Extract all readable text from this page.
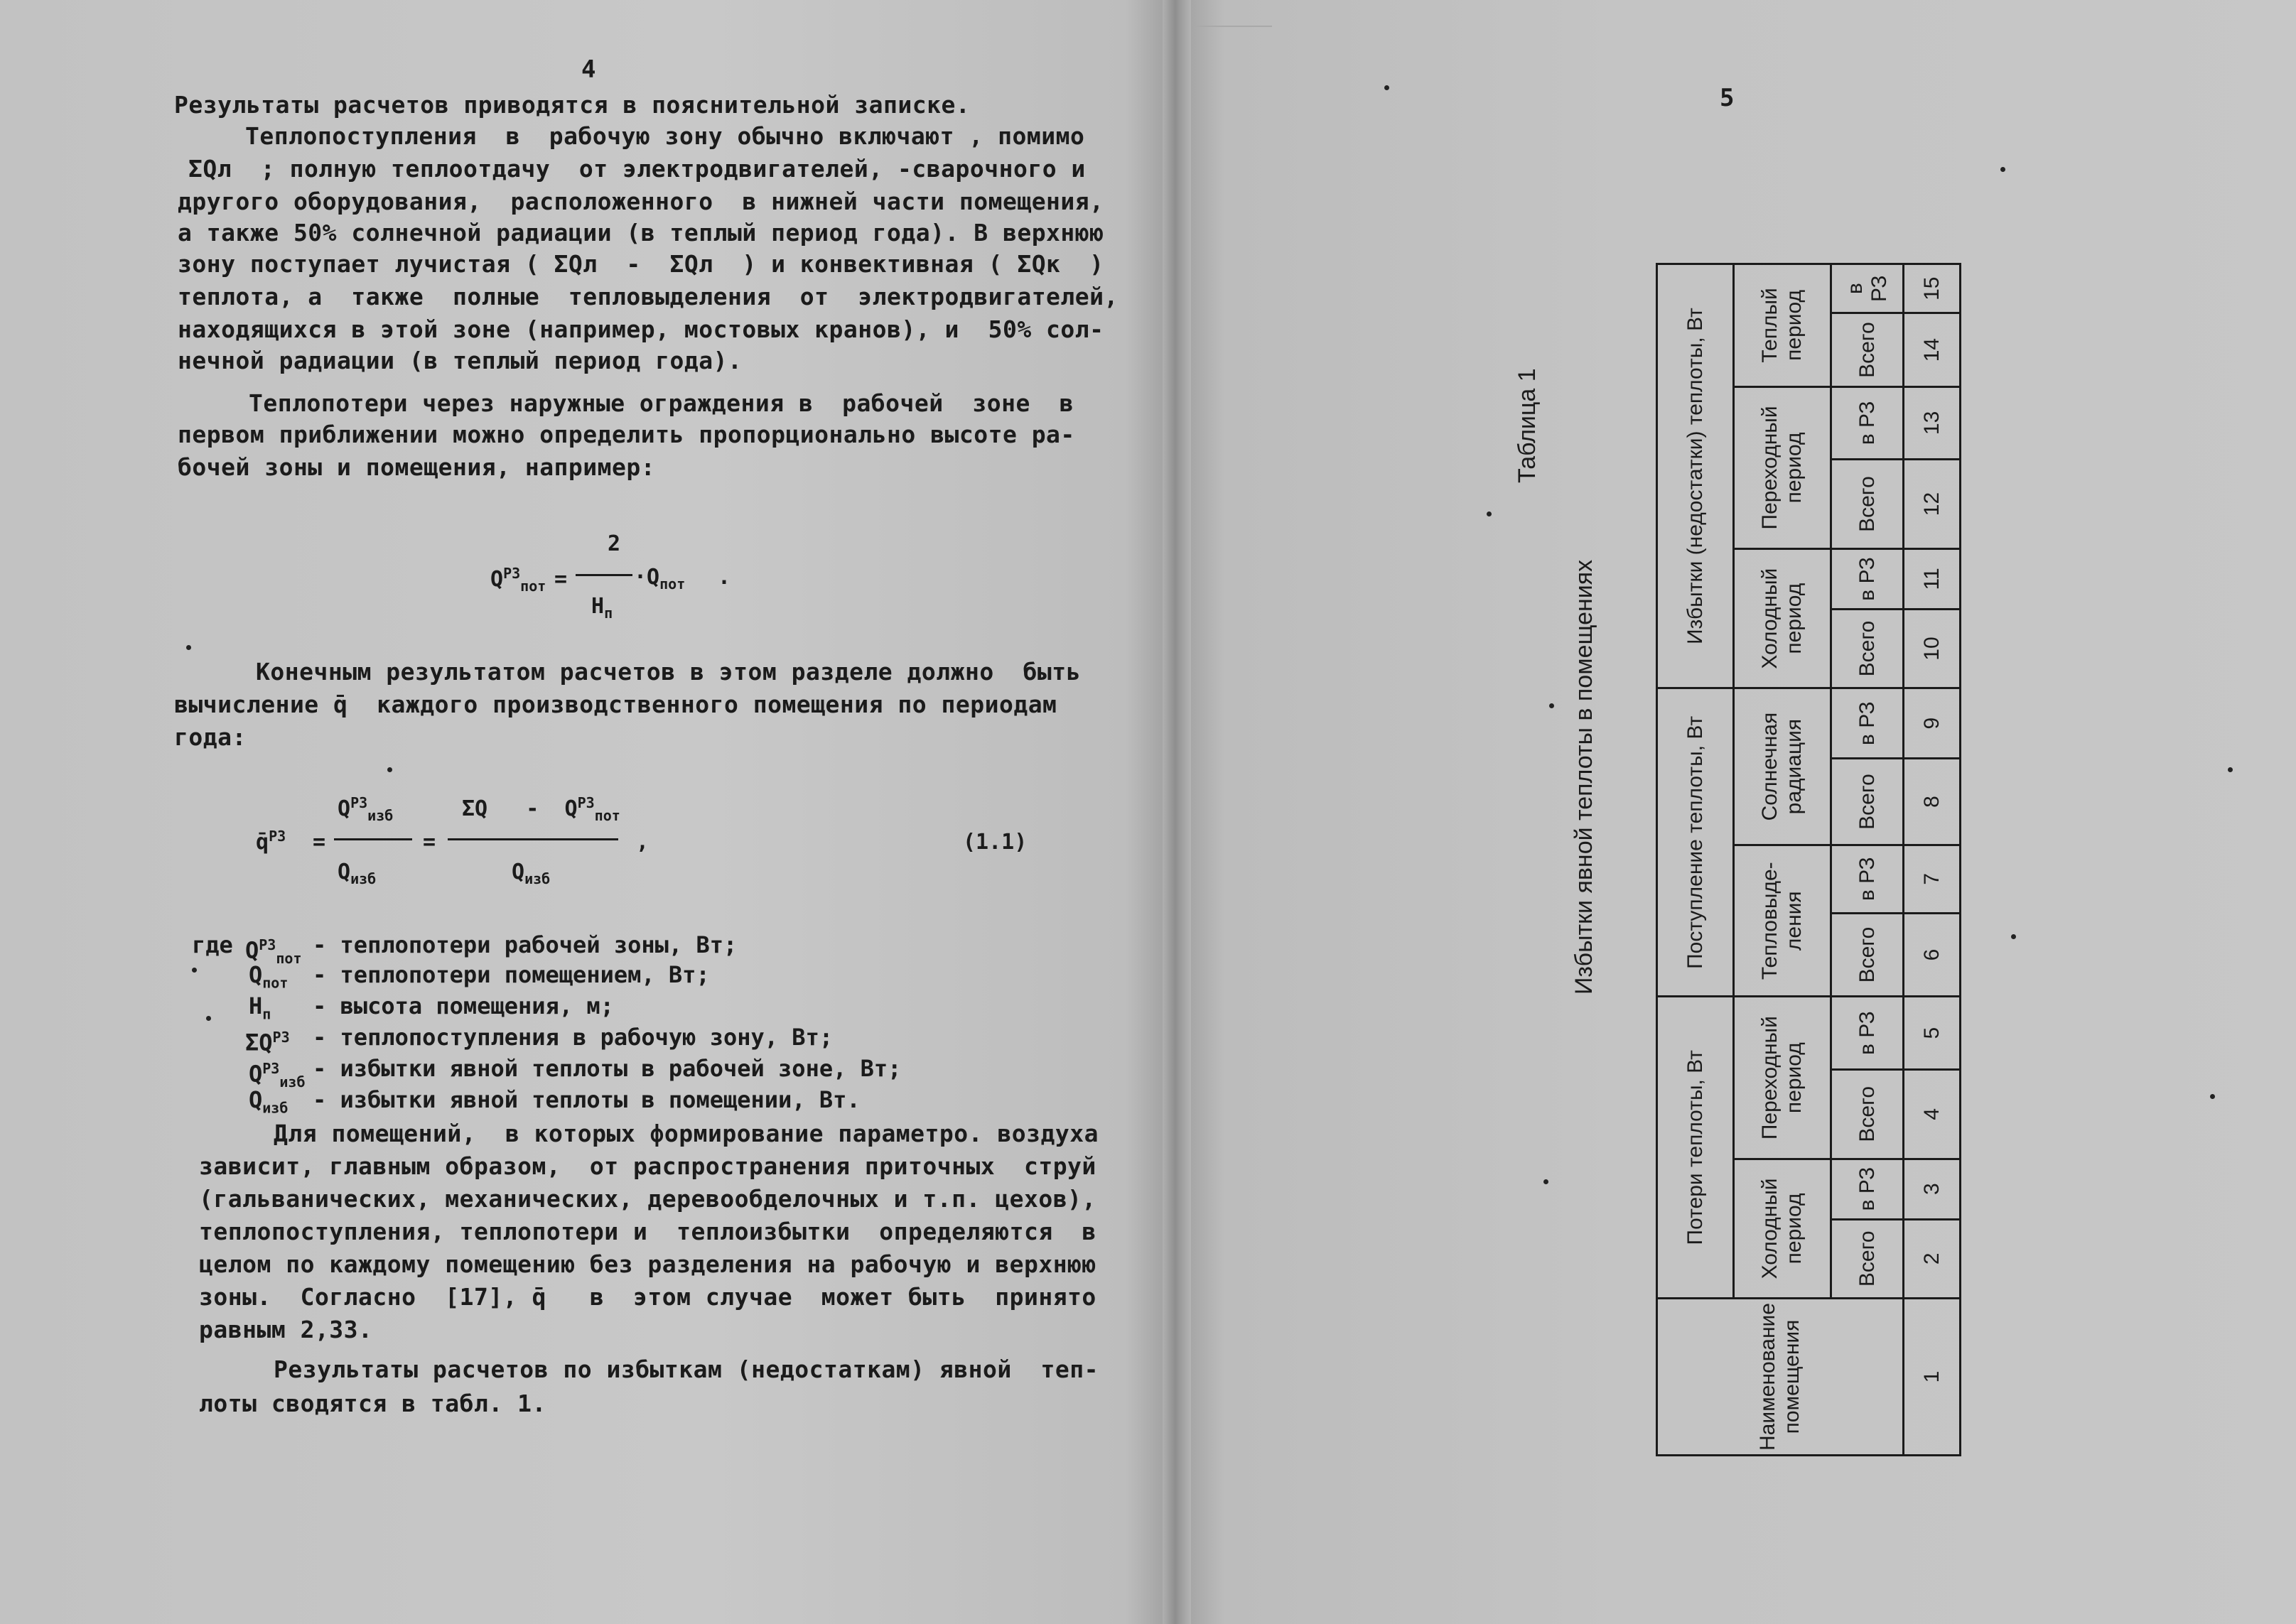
4
Результаты расчетов приводятся в пояснительной записке.
Теплопоступления  в  рабочую зону обычно включают , помимо
ΣQл  ; полную теплоотдачу  от электродвигателей, -сварочного и
другого оборудования,  расположенного  в нижней части помещения,
а также 50% солнечной радиации (в теплый период года). В верхнюю
зону поступает лучистая ( ΣQл  -  ΣQл  ) и конвективная ( ΣQк  )
теплота, а  также  полные  тепловыделения  от  электродвигателей,
находящихся в этой зоне (например, мостовых кранов), и  50% сол-
нечной радиации (в теплый период года).
Теплопотери через наружные ограждения в  рабочей  зоне  в
первом приближении можно определить пропорционально высоте ра-
бочей зоны и помещения, например:
$Q^{РЗ}_{пот}$ =
2
$H_п$
$\cdot Q_{пот}$ .
Конечным результатом расчетов в этом разделе должно  быть
вычисление q̄  каждого производственного помещения по периодам
года:
q̄$^{РЗ}$ =
$Q^{РЗ}_{изб}$
$Q_{изб}$
=
ΣQ   -  $Q^{РЗ}_{пот}$
$Q_{изб}$
,	(1.1)
где $Q^{РЗ}_{пот}$
- теплопотери рабочей зоны, Вт;
$Q_{пот}$ - теплопотери помещением, Вт;
$H_п$ - высота помещения, м;
$\Sigma Q^{РЗ}$ - теплопоступления в рабочую зону, Вт;
$Q^{РЗ}_{изб}$
- избытки явной теплоты в рабочей зоне, Вт;
$Q_{изб}$ - избытки явной теплоты в помещении, Вт.
Для помещений,  в которых формирование параметро. воздуха
зависит, главным образом,  от распространения приточных  струй
(гальванических, механических, деревообделочных и т.п. цехов),
теплопоступления, теплопотери и  теплоизбытки  определяются  в
целом по каждому помещению без разделения на рабочую и верхнюю
зоны.  Согласно  [17], q̄   в  этом случае  может быть  принято
равным 2,33.
Результаты расчетов по избыткам (недостаткам) явной  теп-
лоты сводятся в табл. 1.
5
Таблица 1
Избытки явной теплоты в помещениях
Наименование помещения	Потери теплоты, Вт				Поступление теплоты, Вт				Избытки (недостатки) теплоты, Вт					
	Холодный период		Переходный период		Тепловыде- ления		Солнечная радиация		Холодный период		Переходный период		Теплый период	
	Всего	в РЗ	Всего	в РЗ	Всего	в РЗ	Всего	в РЗ	Всего	в РЗ	Всего	в РЗ	Всего	в РЗ
1	2	3	4	5	6	7	8	9	10	11	12	13	14	15
